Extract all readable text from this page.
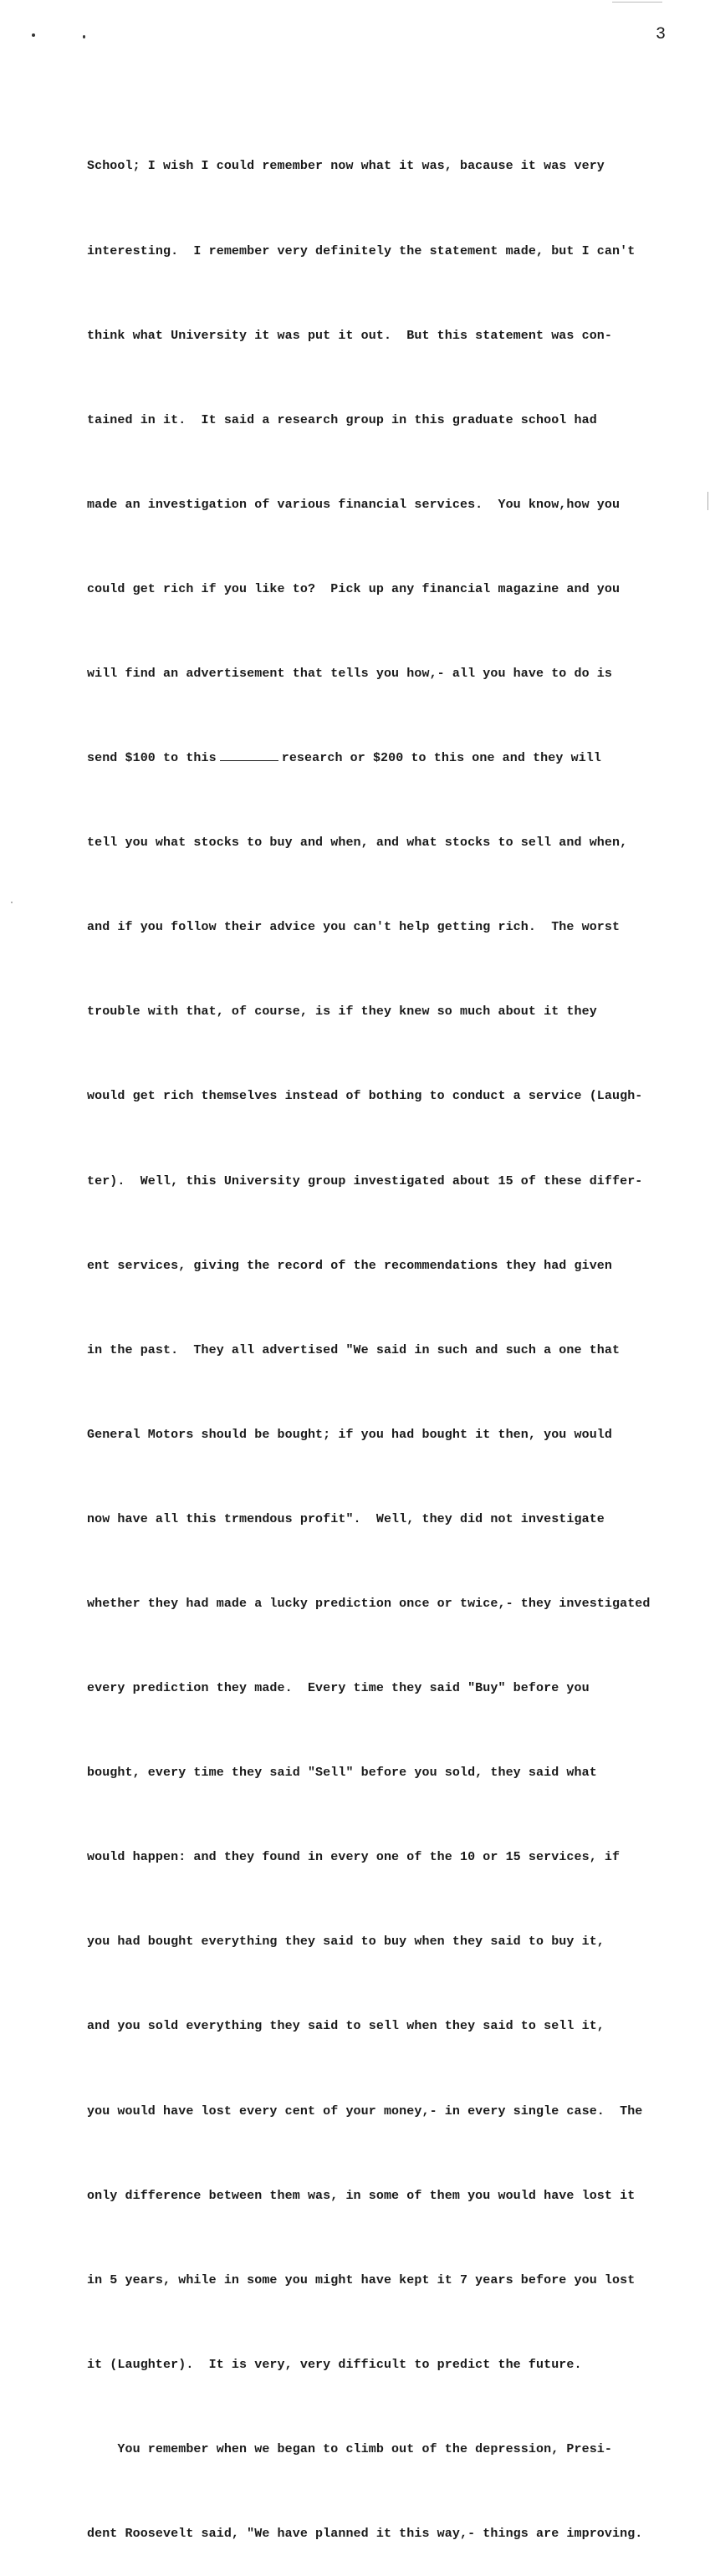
3

School; I wish I could remember now what it was, bacause it was very

interesting.  I remember very definitely the statement made, but I can't

think what University it was put it out.  But this statement was con-

tained in it.  It said a research group in this graduate school had

made an investigation of various financial services.  You know,how you

could get rich if you like to?  Pick up any financial magazine and you

will find an advertisement that tells you how,- all you have to do is

send $100 to this	research or $200 to this one and they will

tell you what stocks to buy and when, and what stocks to sell and when,

and if you follow their advice you can't help getting rich.  The worst

trouble with that, of course, is if they knew so much about it they

would get rich themselves instead of bothing to conduct a service (Laugh-

ter).  Well, this University group investigated about 15 of these differ-

ent services, giving the record of the recommendations they had given

in the past.  They all advertised "We said in such and such a one that

General Motors should be bought; if you had bought it then, you would

now have all this trmendous profit".  Well, they did not investigate

whether they had made a lucky prediction once or twice,- they investigated

every prediction they made.  Every time they said "Buy" before you

bought, every time they said "Sell" before you sold, they said what

would happen: and they found in every one of the 10 or 15 services, if

you had bought everything they said to buy when they said to buy it,

and you sold everything they said to sell when they said to sell it,

you would have lost every cent of your money,- in every single case.  The

only difference between them was, in some of them you would have lost it

in 5 years, while in some you might have kept it 7 years before you lost

it (Laughter).  It is very, very difficult to predict the future.

You remember when we began to climb out of the depression, Presi-

dent Roosevelt said, "We have planned it this way,- things are improving.
